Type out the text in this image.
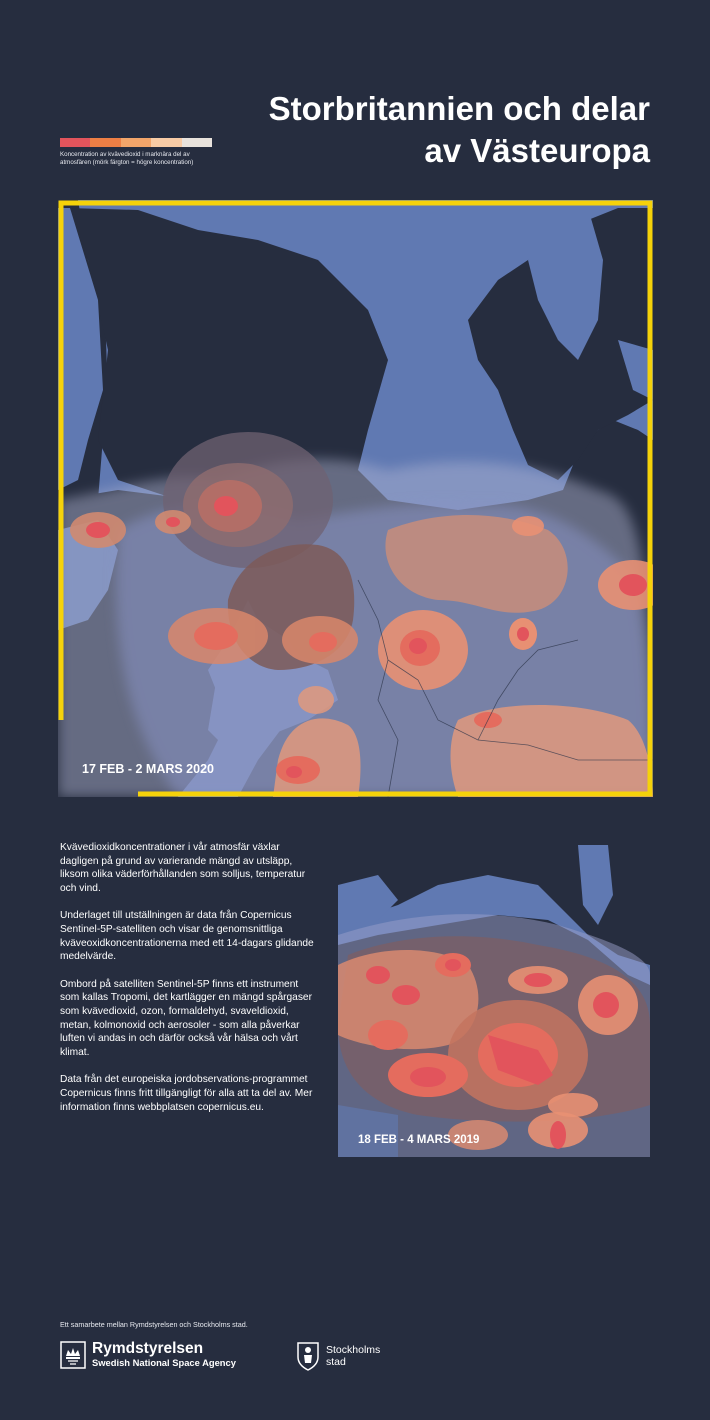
Storbritannien och delar av Västeuropa
Koncentration av kvävedioxid i marknära del av atmosfären (mörk färgton = högre koncentration)
17 FEB - 2 MARS 2020

Kvävedioxidkoncentrationer i vår atmosfär växlar dagligen på grund av varierande mängd av utsläpp, liksom olika väderförhållanden som solljus, temperatur och vind.

Underlaget till utställningen är data från Copernicus Sentinel-5P-satelliten och visar de genomsnittliga kväveoxidkoncentrationerna med ett 14-dagars glidande medelvärde.

Ombord på satelliten Sentinel-5P finns ett instrument som kallas Tropomi, det kartlägger en mängd spårgaser som kvävedioxid, ozon, formaldehyd, svaveldioxid, metan, kolmonoxid och aerosoler - som alla påverkar luften vi andas in och därför också vår hälsa och vårt klimat.

Data från det europeiska jordobservations-programmet Copernicus finns fritt tillgängligt för alla att ta del av. Mer information finns webbplatsen copernicus.eu.

18 FEB - 4 MARS 2019
Ett samarbete mellan Rymdstyrelsen och Stockholms stad.
Rymdstyrelsen
Swedish National Space Agency
Stockholms
stad
